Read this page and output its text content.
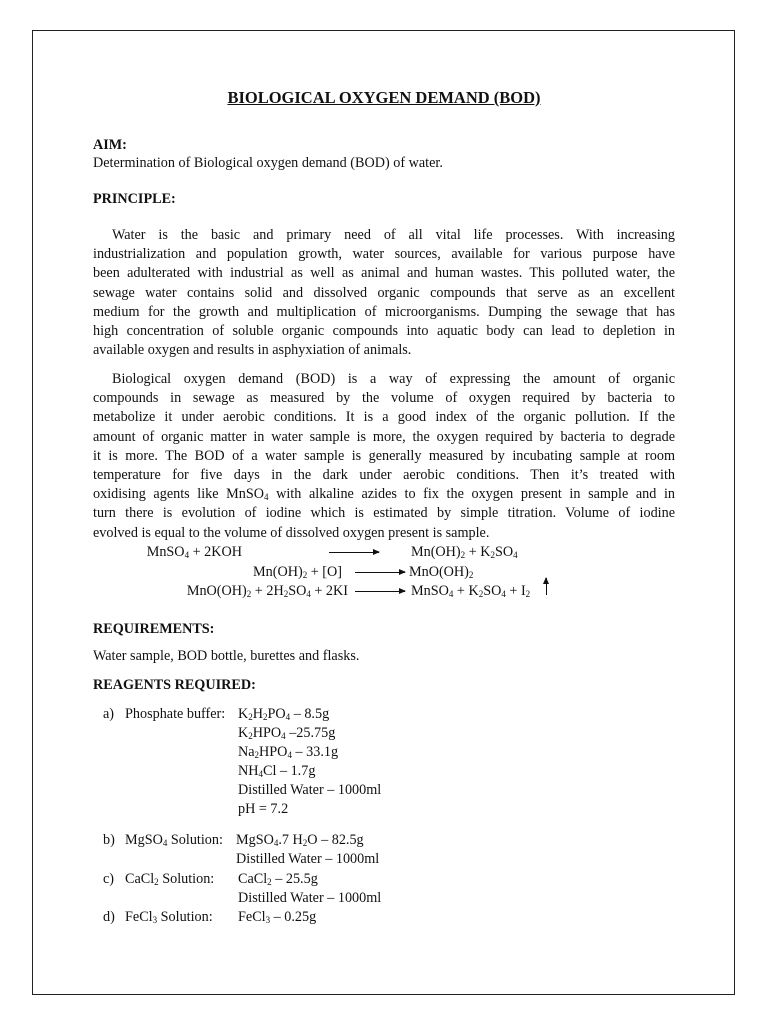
BIOLOGICAL OXYGEN DEMAND (BOD)
AIM:
Determination of Biological oxygen demand (BOD) of water.
PRINCIPLE:
Water is the basic and primary need of all vital life processes. With increasing
industrialization and population growth, water sources, available for various purpose have
been adulterated with industrial as well as animal and human wastes. This polluted water, the
sewage water contains solid and dissolved organic compounds that serve as an excellent
medium for the growth and multiplication of microorganisms. Dumping the sewage that has
high concentration of soluble organic compounds into aquatic body can lead to depletion in
available oxygen and results in asphyxiation of animals.
Biological oxygen demand (BOD) is a way of expressing the amount of organic
compounds in sewage as measured by the volume of oxygen required by bacteria to
metabolize it under aerobic conditions. It is a good index of the organic pollution. If the
amount of organic matter in water sample is more, the oxygen required by bacteria to degrade
it is more. The BOD of a water sample is generally measured by incubating sample at room
temperature for five days in the dark under aerobic conditions. Then it’s treated with
oxidising agents like MnSO$_4$ with alkaline azides to fix the oxygen present in sample and in
turn there is evolution of iodine which is estimated by simple titration. Volume of iodine
evolved is equal to the volume of dissolved oxygen present is sample.
MnSO$_4$ + 2KOH	$Mn(OH)_2 + K_2SO_4$
$Mn(OH)_2 + [O] \to MnO(OH)_2$
$MnO(OH)_2 + 2H_2SO_4 + 2KI$ → MnSO$_4$ + $K_2SO_4 + I_2$
REQUIREMENTS:
Water sample, BOD bottle, burettes and flasks.
REAGENTS REQUIRED:
a) Phosphate buffer: $K_2H_2PO_4 - 8.5g$
$K_2HPO_4$ –25.75g
$Na_2HPO_4 - 33.1g$
$NH_4Cl - 1.7g$
Distilled Water – 1000ml
pH = 7.2
b) MgSO$_4$ Solution: MgSO$_4$.7 $H_2O - 82.5g$
Distilled Water – 1000ml
c) CaCl$_2$ Solution: CaCl$_2$ – 25.5g
Distilled Water – 1000ml
d) FeCl$_3$ Solution: FeCl$_3$ – 0.25g
